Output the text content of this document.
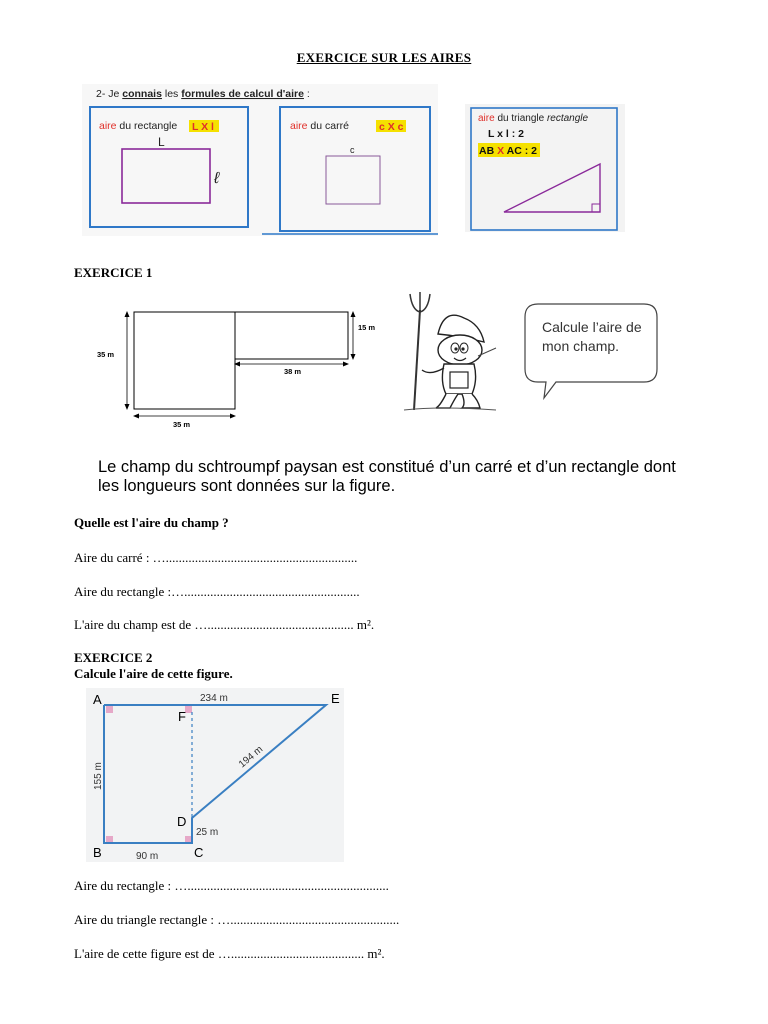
EXERCICE SUR LES AIRES
2- Je connais les formules de calcul d'aire :
aire du rectangle L X l
L
ℓ
aire du carré	c X c
c
aire du triangle rectangle
L x l : 2
AB X AC : 2
EXERCICE 1
35 m
35 m
15 m
38 m
Calcule l’aire de mon champ.
Le champ du schtroumpf paysan est constitué d’un carré et d’un rectangle dont les longueurs sont données sur la figure.
Quelle est l'aire du champ ?
Aire du carré : …...........................................................
Aire du rectangle :…......................................................
L'aire du champ est de …............................................. m².
EXERCICE 2
Calcule l'aire de cette figure.
A
B	C
D
E
F
234 m
155 m
90 m
194 m
25 m
Aire du rectangle : …..............................................................
Aire du triangle rectangle : …....................................................
L'aire de cette figure est de …......................................... m².
